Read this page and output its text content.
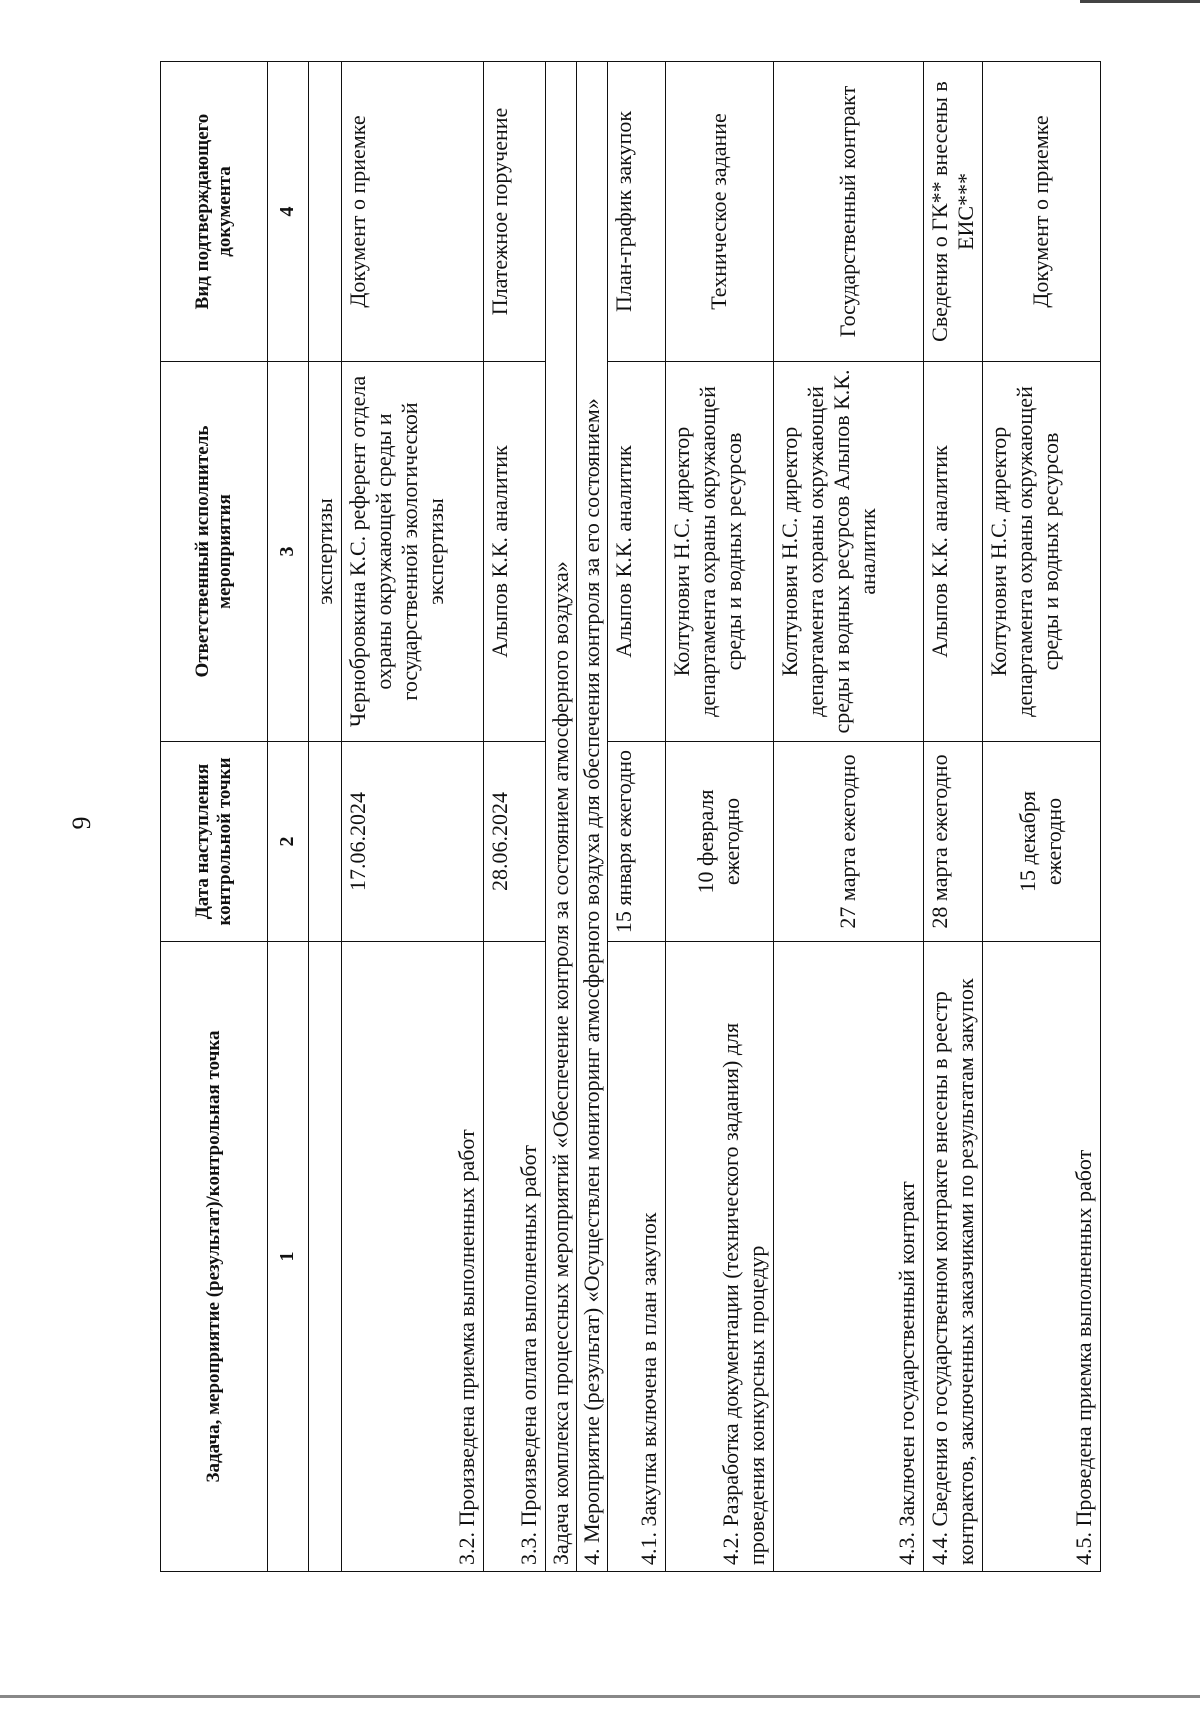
9
Задача, мероприятие (результат)/контрольная точка	Дата наступления контрольной точки	Ответственный исполнитель мероприятия	Вид подтверждающего документа
1	2	3	4
		экспертизы	
3.2. Произведена приемка выполненных работ	17.06.2024	Чернобровкина К.С. референт отдела охраны окружающей среды и государственной экологической экспертизы	Документ о приемке
3.3. Произведена оплата выполненных работ	28.06.2024	Алыпов К.К. аналитик	Платежное поручение
Задача комплекса процессных мероприятий «Обеспечение контроля за состоянием атмосферного воздуха»			
4. Мероприятие (результат) «Осуществлен мониторинг атмосферного воздуха для обеспечения контроля за его состоянием»			
4.1. Закупка включена в план закупок	15 января ежегодно	Алыпов К.К. аналитик	План-график закупок
4.2. Разработка документации (технического задания) для проведения конкурсных процедур	10 февраля ежегодно	Колтунович Н.С. директор департамента охраны окружающей среды и водных ресурсов	Техническое задание
4.3. Заключен государственный контракт	27 марта ежегодно	Колтунович Н.С. директор департамента охраны окружающей среды и водных ресурсов Алыпов К.К. аналитик	Государственный контракт
4.4. Сведения о государственном контракте внесены в реестр контрактов, заключенных заказчиками по результатам закупок	28 марта ежегодно	Алыпов К.К. аналитик	Сведения о ГК** внесены в ЕИС***
4.5. Проведена приемка выполненных работ	15 декабря ежегодно	Колтунович Н.С. директор департамента охраны окружающей среды и водных ресурсов	Документ о приемке
